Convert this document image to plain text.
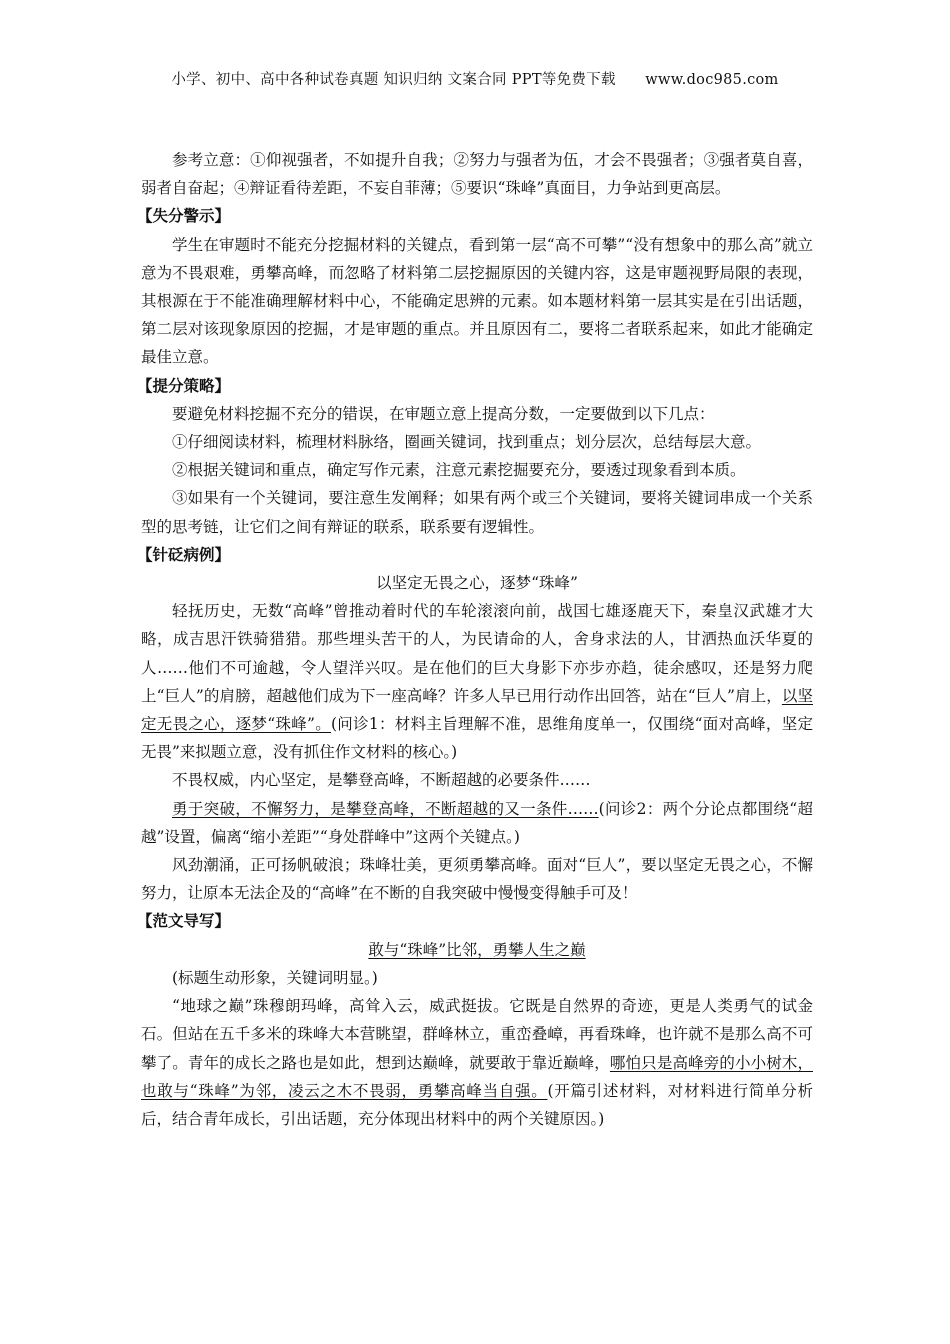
小学、初中、高中各种试卷真题 知识归纳 文案合同 PPT等免费下载 www.doc985.com

参考立意：①仰视强者，不如提升自我；②努力与强者为伍，才会不畏强者；③强者莫自喜，弱者自奋起；④辩证看待差距，不妄自菲薄；⑤要识“珠峰”真面目，力争站到更高层。

【失分警示】

学生在审题时不能充分挖掘材料的关键点，看到第一层“高不可攀”“没有想象中的那么高”就立意为不畏艰难，勇攀高峰，而忽略了材料第二层挖掘原因的关键内容，这是审题视野局限的表现，其根源在于不能准确理解材料中心，不能确定思辨的元素。如本题材料第一层其实是在引出话题，第二层对该现象原因的挖掘，才是审题的重点。并且原因有二，要将二者联系起来，如此才能确定最佳立意。

【提分策略】

要避免材料挖掘不充分的错误，在审题立意上提高分数，一定要做到以下几点：

①仔细阅读材料，梳理材料脉络，圈画关键词，找到重点；划分层次，总结每层大意。

②根据关键词和重点，确定写作元素，注意元素挖掘要充分，要透过现象看到本质。

③如果有一个关键词，要注意生发阐释；如果有两个或三个关键词，要将关键词串成一个关系型的思考链，让它们之间有辩证的联系，联系要有逻辑性。

【针砭病例】

以坚定无畏之心，逐梦“珠峰”

轻抚历史，无数“高峰”曾推动着时代的车轮滚滚向前，战国七雄逐鹿天下，秦皇汉武雄才大略，成吉思汗铁骑猎猎。那些埋头苦干的人，为民请命的人，舍身求法的人，甘洒热血沃华夏的人……他们不可逾越，令人望洋兴叹。是在他们的巨大身影下亦步亦趋，徒余感叹，还是努力爬上“巨人”的肩膀，超越他们成为下一座高峰？许多人早已用行动作出回答，站在“巨人”肩上，以坚定无畏之心，逐梦“珠峰”。(问诊1：材料主旨理解不准，思维角度单一，仅围绕“面对高峰，坚定无畏”来拟题立意，没有抓住作文材料的核心。)

不畏权威，内心坚定，是攀登高峰，不断超越的必要条件……

勇于突破，不懈努力，是攀登高峰，不断超越的又一条件……(问诊2：两个分论点都围绕“超越”设置，偏离“缩小差距”“身处群峰中”这两个关键点。)

风劲潮涌，正可扬帆破浪；珠峰壮美，更须勇攀高峰。面对“巨人”，要以坚定无畏之心，不懈努力，让原本无法企及的“高峰”在不断的自我突破中慢慢变得触手可及！

【范文导写】

敢与“珠峰”比邻，勇攀人生之巅

(标题生动形象，关键词明显。)

“地球之巅”珠穆朗玛峰，高耸入云，威武挺拔。它既是自然界的奇迹，更是人类勇气的试金石。但站在五千多米的珠峰大本营眺望，群峰林立，重峦叠嶂，再看珠峰，也许就不是那么高不可攀了。青年的成长之路也是如此，想到达巅峰，就要敢于靠近巅峰，哪怕只是高峰旁的小小树木，也敢与“珠峰”为邻，凌云之木不畏弱，勇攀高峰当自强。(开篇引述材料，对材料进行简单分析后，结合青年成长，引出话题，充分体现出材料中的两个关键原因。)
